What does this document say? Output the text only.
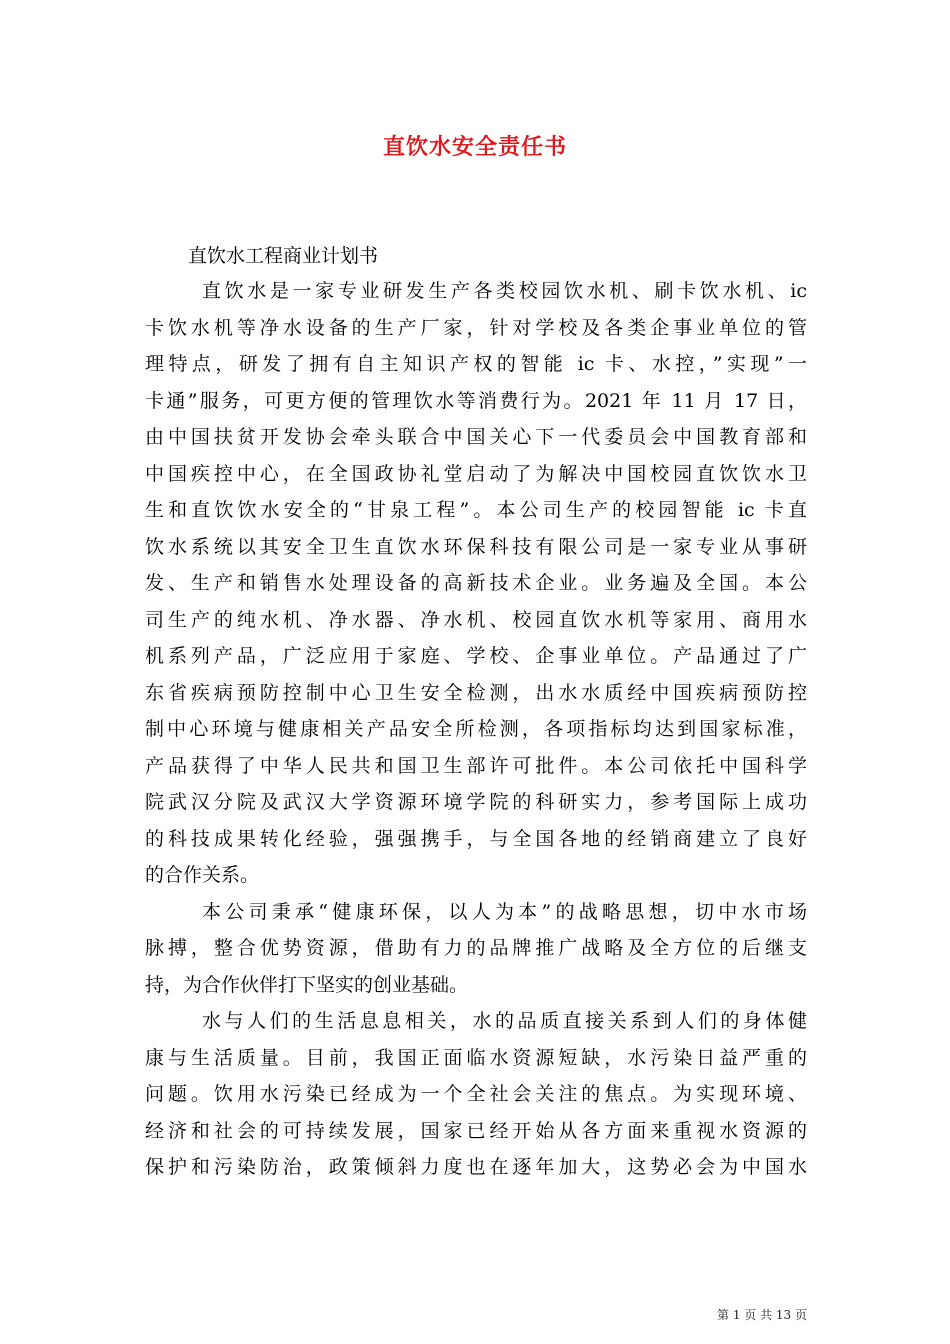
直饮水安全责任书
直饮水工程商业计划书
直饮水是一家专业研发生产各类校园饮水机、刷卡饮水机、ic
卡饮水机等净水设备的生产厂家，针对学校及各类企事业单位的管
理特点，研发了拥有自主知识产权的智能 ic 卡、水控，”实现”一
卡通”服务，可更方便的管理饮水等消费行为。2021 年 11 月 17 日，
由中国扶贫开发协会牵头联合中国关心下一代委员会中国教育部和
中国疾控中心，在全国政协礼堂启动了为解决中国校园直饮饮水卫
生和直饮饮水安全的“甘泉工程”。本公司生产的校园智能 ic 卡直
饮水系统以其安全卫生直饮水环保科技有限公司是一家专业从事研
发、生产和销售水处理设备的高新技术企业。业务遍及全国。本公
司生产的纯水机、净水器、净水机、校园直饮水机等家用、商用水
机系列产品，广泛应用于家庭、学校、企事业单位。产品通过了广
东省疾病预防控制中心卫生安全检测，出水水质经中国疾病预防控
制中心环境与健康相关产品安全所检测，各项指标均达到国家标准，
产品获得了中华人民共和国卫生部许可批件。本公司依托中国科学
院武汉分院及武汉大学资源环境学院的科研实力，参考国际上成功
的科技成果转化经验，强强携手，与全国各地的经销商建立了良好
的合作关系。
本公司秉承“健康环保，以人为本”的战略思想，切中水市场
脉搏，整合优势资源，借助有力的品牌推广战略及全方位的后继支
持，为合作伙伴打下坚实的创业基础。
水与人们的生活息息相关，水的品质直接关系到人们的身体健
康与生活质量。目前，我国正面临水资源短缺，水污染日益严重的
问题。饮用水污染已经成为一个全社会关注的焦点。为实现环境、
经济和社会的可持续发展，国家已经开始从各方面来重视水资源的
保护和污染防治，政策倾斜力度也在逐年加大，这势必会为中国水
第 1 页 共 13 页
